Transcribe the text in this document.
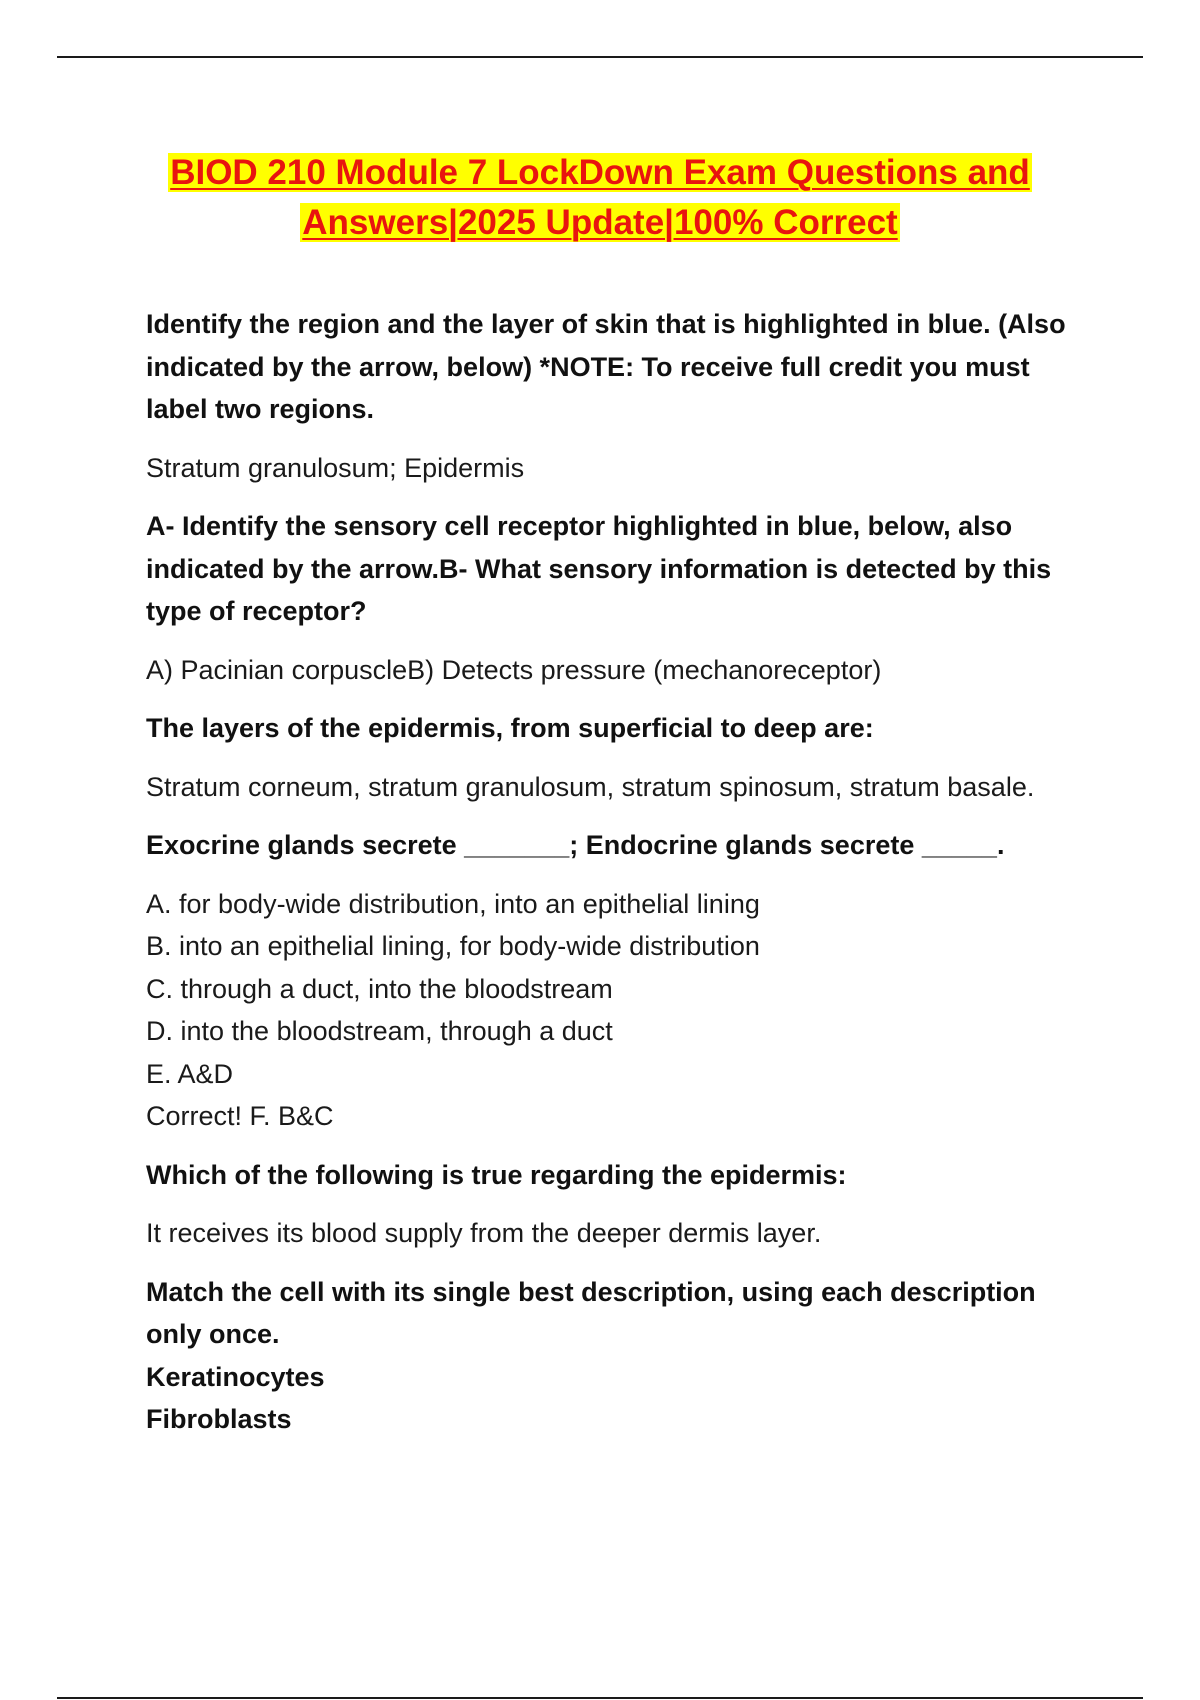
BIOD 210 Module 7 LockDown Exam Questions and
Answers|2025 Update|100% Correct
Identify the region and the layer of skin that is highlighted in blue. (Also indicated by the arrow, below) *NOTE: To receive full credit you must label two regions.
Stratum granulosum; Epidermis
A- Identify the sensory cell receptor highlighted in blue, below, also indicated by the arrow.B- What sensory information is detected by this type of receptor?
A) Pacinian corpuscleB) Detects pressure (mechanoreceptor)
The layers of the epidermis, from superficial to deep are:
Stratum corneum, stratum granulosum, stratum spinosum, stratum basale.
Exocrine glands secrete _______; Endocrine glands secrete _____.
A. for body-wide distribution, into an epithelial lining
B. into an epithelial lining, for body-wide distribution
C. through a duct, into the bloodstream
D. into the bloodstream, through a duct
E. A&D
Correct! F. B&C
Which of the following is true regarding the epidermis:
It receives its blood supply from the deeper dermis layer.
Match the cell with its single best description, using each description only once.
Keratinocytes
Fibroblasts
